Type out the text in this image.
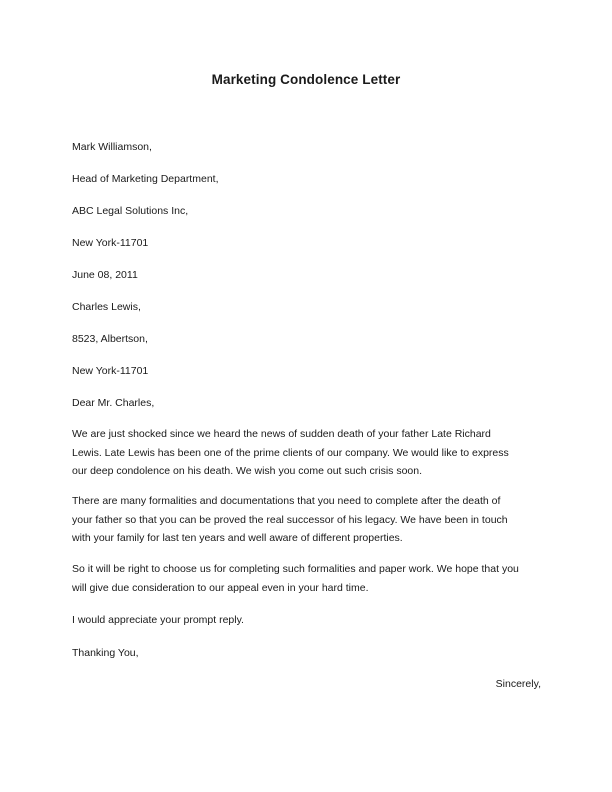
Marketing Condolence Letter
Mark Williamson,
Head of Marketing Department,
ABC Legal Solutions Inc,
New York-11701
June 08, 2011
Charles Lewis,
8523, Albertson,
New York-11701
Dear Mr. Charles,
We are just shocked since we heard the news of sudden death of your father Late Richard
Lewis. Late Lewis has been one of the prime clients of our company. We would like to express
our deep condolence on his death. We wish you come out such crisis soon.
There are many formalities and documentations that you need to complete after the death of
your father so that you can be proved the real successor of his legacy. We have been in touch
with your family for last ten years and well aware of different properties.
So it will be right to choose us for completing such formalities and paper work. We hope that you
will give due consideration to our appeal even in your hard time.
I would appreciate your prompt reply.
Thanking You,
Sincerely,
